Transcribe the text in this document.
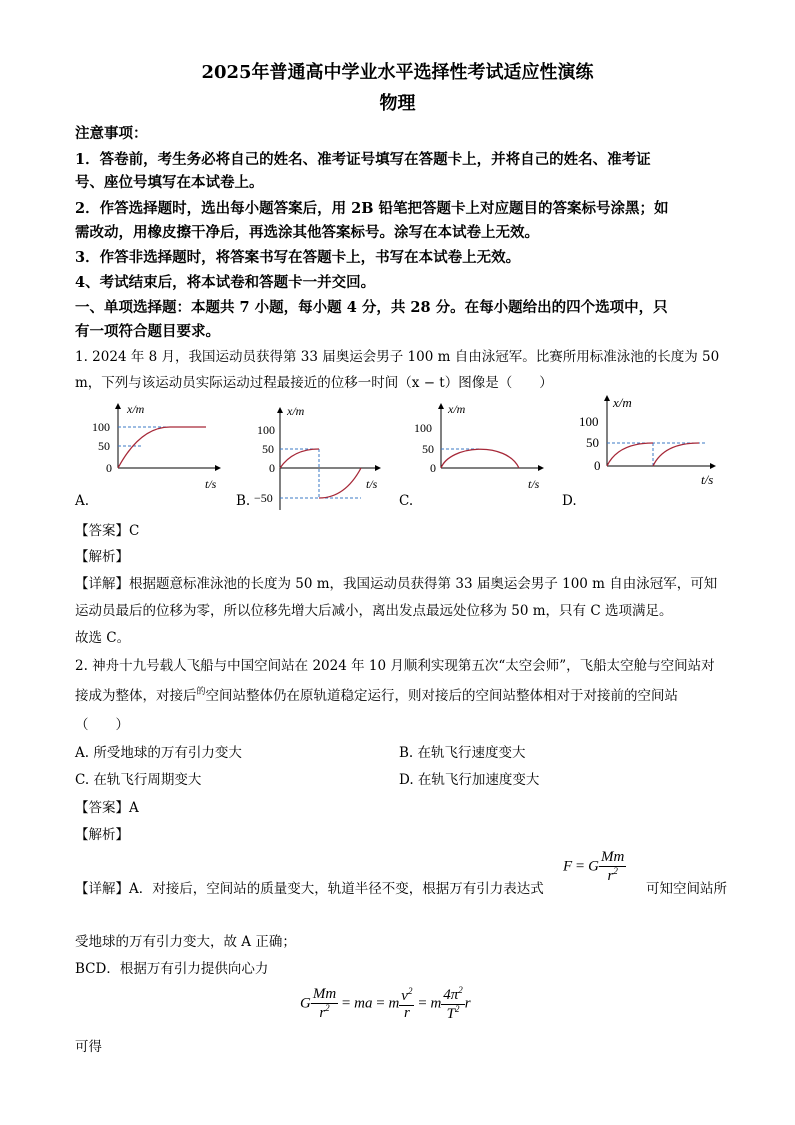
2025年普通高中学业水平选择性考试适应性演练
物理
注意事项：
1．答卷前，考生务必将自己的姓名、准考证号填写在答题卡上，并将自己的姓名、准考证
号、座位号填写在本试卷上。
2．作答选择题时，选出每小题答案后，用 2B 铅笔把答题卡上对应题目的答案标号涂黑；如
需改动，用橡皮擦干净后，再选涂其他答案标号。涂写在本试卷上无效。
3．作答非选择题时，将答案书写在答题卡上，书写在本试卷上无效。
4、考试结束后，将本试卷和答题卡一并交回。
一、单项选择题：本题共 7 小题，每小题 4 分，共 28 分。在每小题给出的四个选项中，只
有一项符合题目要求。
1. 2024 年 8 月，我国运动员获得第 33 届奥运会男子 100 m 自由泳冠军。比赛所用标准泳池的长度为 50
m，下列与该运动员实际运动过程最接近的位移一时间（x − t）图像是（　　）
x/m
100
50
0
t/s
A.
x/m
100
50
0
−50
t/s
B.
x/m
100
50
0
t/s
C.
x/m
100
50
0
t/s
D.
【答案】C
【解析】
【详解】根据题意标准泳池的长度为 50 m，我国运动员获得第 33 届奥运会男子 100 m 自由泳冠军，可知
运动员最后的位移为零，所以位移先增大后减小，离出发点最远处位移为 50 m，只有 C 选项满足。
故选 C。
2. 神舟十九号载人飞船与中国空间站在 2024 年 10 月顺利实现第五次“太空会师”，飞船太空舱与空间站对
接成为整体，对接后$^的$空间站整体仍在原轨道稳定运行，则对接后的空间站整体相对于对接前的空间站
（　　）
A. 所受地球的万有引力变大	B. 在轨飞行速度变大
C. 在轨飞行周期变大	D. 在轨飞行加速度变大
【答案】A
【解析】
【详解】A．对接后，空间站的质量变大，轨道半径不变，根据万有引力表达式
F = G $\frac{Mm}{r^2}$
可知空间站所
受地球的万有引力变大，故 A 正确；
BCD．根据万有引力提供向心力
G $\frac{Mm}{r^2}$ = ma = m $\frac{v^2}{r} = m \frac{4\pi^2}{T^2}$ r
可得
